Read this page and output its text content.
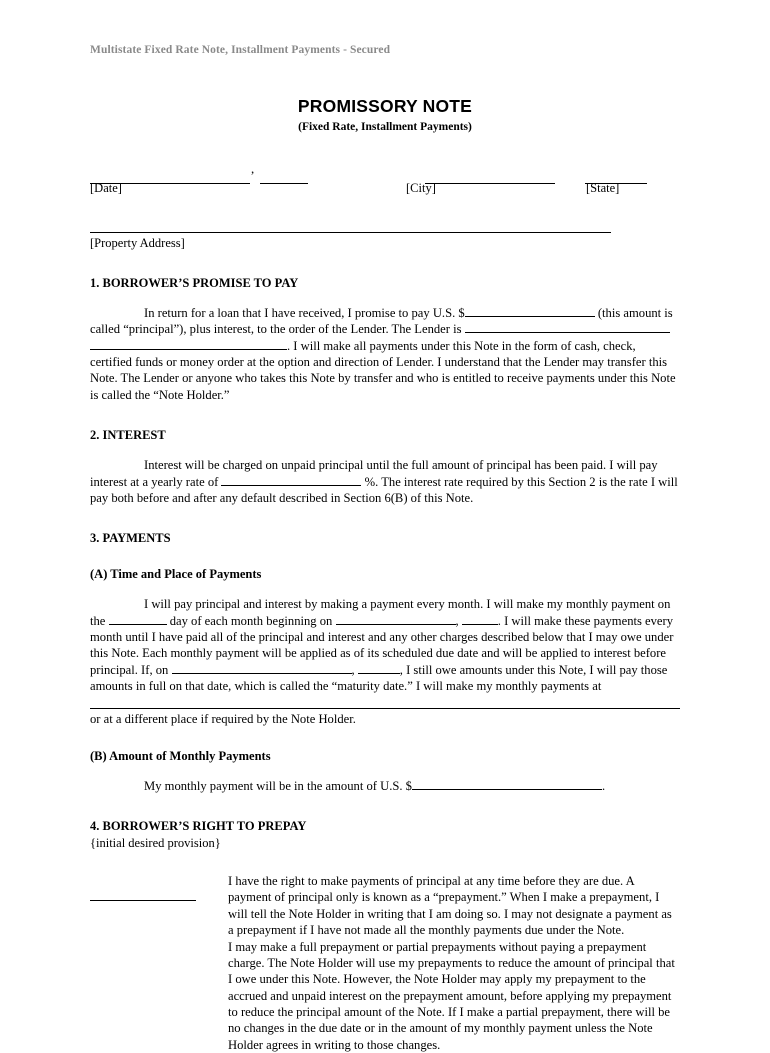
Multistate Fixed Rate Note, Installment Payments - Secured
PROMISSORY NOTE
(Fixed Rate, Installment Payments)
,
[Date]	[City]	[State]
[Property Address]
1. BORROWER’S PROMISE TO PAY

In return for a loan that I have received, I promise to pay U.S. $	(this amount is called “principal”), plus interest, to the order of the Lender. The Lender is  . I will make all payments under this Note in the form of cash, check, certified funds or money order at the option and direction of Lender. I understand that the Lender may transfer this Note. The Lender or anyone who takes this Note by transfer and who is entitled to receive payments under this Note is called the “Note Holder.”

2. INTEREST

Interest will be charged on unpaid principal until the full amount of principal has been paid. I will pay interest at a yearly rate of	%. The interest rate required by this Section 2 is the rate I will pay both before and after any default described in Section 6(B) of this Note.

3. PAYMENTS
(A) Time and Place of Payments

I will pay principal and interest by making a payment every month. I will make my monthly payment on the	day of each month beginning on	,	. I will make these payments every month until I have paid all of the principal and interest and any other charges described below that I may owe under this Note. Each monthly payment will be applied as of its scheduled due date and will be applied to interest before principal. If, on	,	, I still owe amounts under this Note, I will pay those amounts in full on that date, which is called the “maturity date.” I will make my monthly payments at

or at a different place if required by the Note Holder.

(B) Amount of Monthly Payments

My monthly payment will be in the amount of U.S. $	.

4. BORROWER’S RIGHT TO PREPAY

{initial desired provision}

I have the right to make payments of principal at any time before they are due. A payment of principal only is known as a “prepayment.” When I make a prepayment, I will tell the Note Holder in writing that I am doing so. I may not designate a payment as a prepayment if I have not made all the monthly payments due under the Note.

I may make a full prepayment or partial prepayments without paying a prepayment charge. The Note Holder will use my prepayments to reduce the amount of principal that I owe under this Note. However, the Note Holder may apply my prepayment to the accrued and unpaid interest on the prepayment amount, before applying my prepayment to reduce the principal amount of the Note. If I make a partial prepayment, there will be no changes in the due date or in the amount of my monthly payment unless the Note Holder agrees in writing to those changes.
